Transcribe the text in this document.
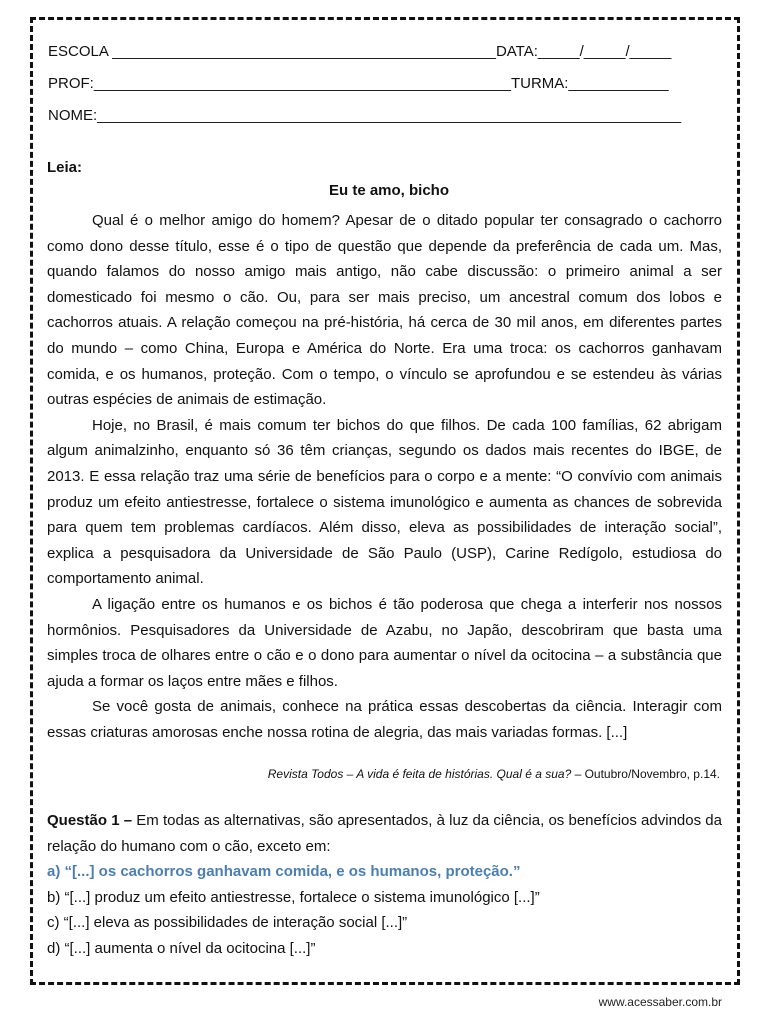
ESCOLA ______________________________________________DATA:_____/_____/_____
PROF:__________________________________________________TURMA:____________
NOME:______________________________________________________________________
Leia:
Eu te amo, bicho

Qual é o melhor amigo do homem? Apesar de o ditado popular ter consagrado o cachorro como dono desse título, esse é o tipo de questão que depende da preferência de cada um. Mas, quando falamos do nosso amigo mais antigo, não cabe discussão: o primeiro animal a ser domesticado foi mesmo o cão. Ou, para ser mais preciso, um ancestral comum dos lobos e cachorros atuais. A relação começou na pré-história, há cerca de 30 mil anos, em diferentes partes do mundo – como China, Europa e América do Norte. Era uma troca: os cachorros ganhavam comida, e os humanos, proteção. Com o tempo, o vínculo se aprofundou e se estendeu às várias outras espécies de animais de estimação.

Hoje, no Brasil, é mais comum ter bichos do que filhos. De cada 100 famílias, 62 abrigam algum animalzinho, enquanto só 36 têm crianças, segundo os dados mais recentes do IBGE, de 2013. E essa relação traz uma série de benefícios para o corpo e a mente: “O convívio com animais produz um efeito antiestresse, fortalece o sistema imunológico e aumenta as chances de sobrevida para quem tem problemas cardíacos. Além disso, eleva as possibilidades de interação social”, explica a pesquisadora da Universidade de São Paulo (USP), Carine Redígolo, estudiosa do comportamento animal.

A ligação entre os humanos e os bichos é tão poderosa que chega a interferir nos nossos hormônios. Pesquisadores da Universidade de Azabu, no Japão, descobriram que basta uma simples troca de olhares entre o cão e o dono para aumentar o nível da ocitocina – a substância que ajuda a formar os laços entre mães e filhos.

Se você gosta de animais, conhece na prática essas descobertas da ciência. Interagir com essas criaturas amorosas enche nossa rotina de alegria, das mais variadas formas. [...]

Revista Todos – A vida é feita de histórias. Qual é a sua? – Outubro/Novembro, p.14.
Questão 1 – Em todas as alternativas, são apresentados, à luz da ciência, os benefícios advindos da relação do humano com o cão, exceto em:
a) “[...] os cachorros ganhavam comida, e os humanos, proteção.”
b) “[...] produz um efeito antiestresse, fortalece o sistema imunológico [...]”
c) “[...] eleva as possibilidades de interação social [...]”
d) “[...] aumenta o nível da ocitocina [...]”
www.acessaber.com.br
